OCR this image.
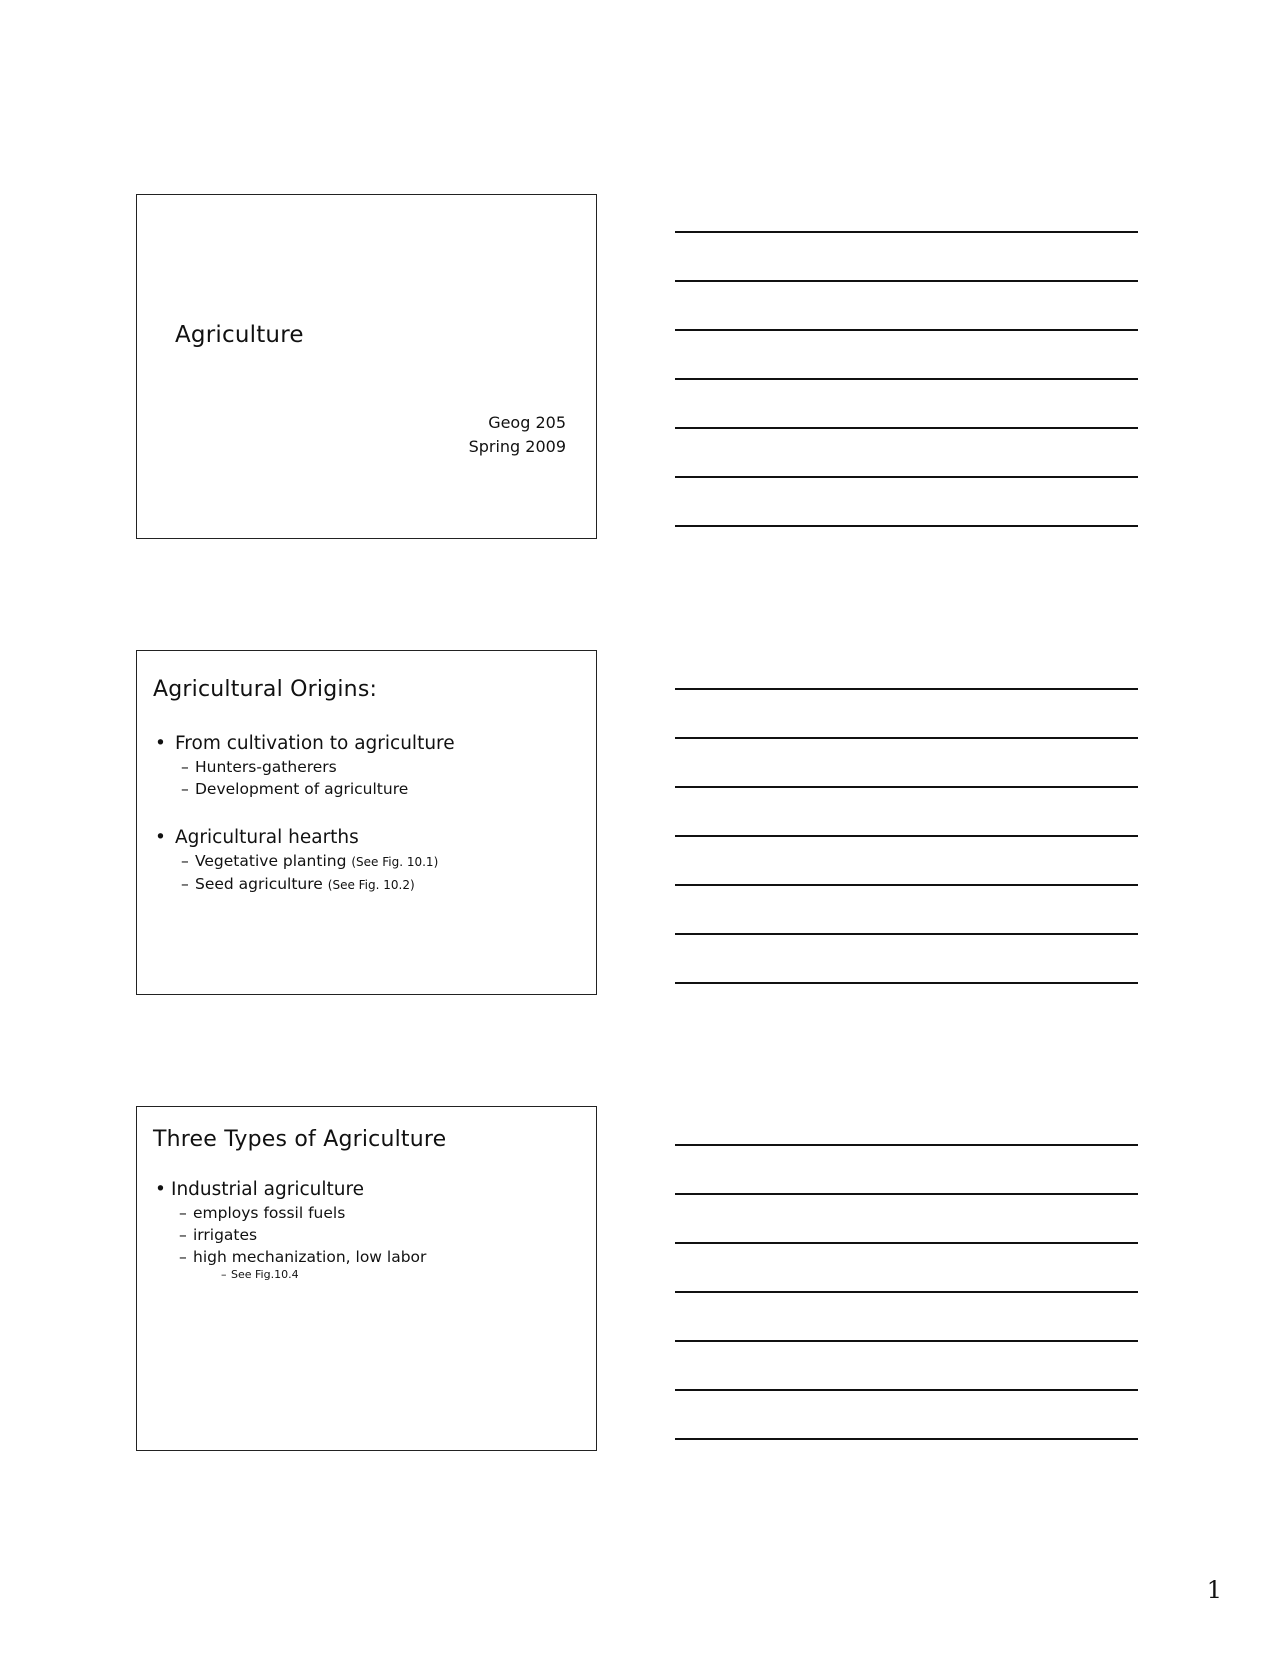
Agriculture
Geog 205
Spring 2009
Agricultural Origins:
• From cultivation to agriculture
– Hunters-gatherers
– Development of agriculture
• Agricultural hearths
– Vegetative planting (See Fig. 10.1)
– Seed agriculture (See Fig. 10.2)
Three Types of Agriculture
• Industrial agriculture
– employs fossil fuels
– irrigates
– high mechanization, low labor
– See Fig.10.4
1
